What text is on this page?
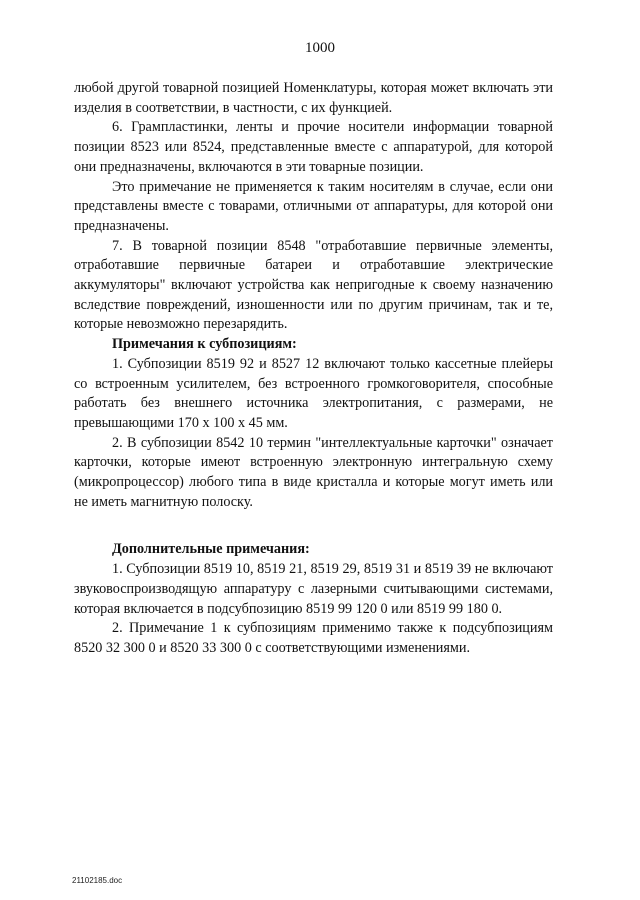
1000

любой другой товарной позицией Номенклатуры, которая может включать эти изделия в соответствии, в частности, с их функцией.

6. Грампластинки, ленты и прочие носители информации товарной позиции 8523 или 8524, представленные вместе с аппаратурой, для которой они предназначены, включаются в эти товарные позиции.

Это примечание не применяется к таким носителям в случае, если они представлены вместе с товарами, отличными от аппаратуры, для которой они предназначены.

7. В товарной позиции 8548 "отработавшие первичные элементы, отработавшие первичные батареи и отработавшие электрические аккумуляторы" включают устройства как непригодные к своему назначению вследствие повреждений, изношенности или по другим причинам, так и те, которые невозможно перезарядить.

Примечания к субпозициям:

1. Субпозиции 8519 92 и 8527 12 включают только кассетные плейеры со встроенным усилителем, без встроенного громкоговорителя, способные работать без внешнего источника электропитания, с размерами, не превышающими 170 x 100 x 45 мм.

2. В субпозиции 8542 10 термин "интеллектуальные карточки" означает карточки, которые имеют встроенную электронную интегральную схему (микропроцессор) любого типа в виде кристалла и которые могут иметь или не иметь магнитную полоску.

Дополнительные примечания:

1. Субпозиции 8519 10, 8519 21, 8519 29, 8519 31 и 8519 39 не включают звуковоспроизводящую аппаратуру с лазерными считывающими системами, которая включается в подсубпозицию 8519 99 120 0 или 8519 99 180 0.

2. Примечание 1 к субпозициям применимо также к подсубпозициям 8520 32 300 0 и 8520 33 300 0 с соответствующими изменениями.

21102185.doc
